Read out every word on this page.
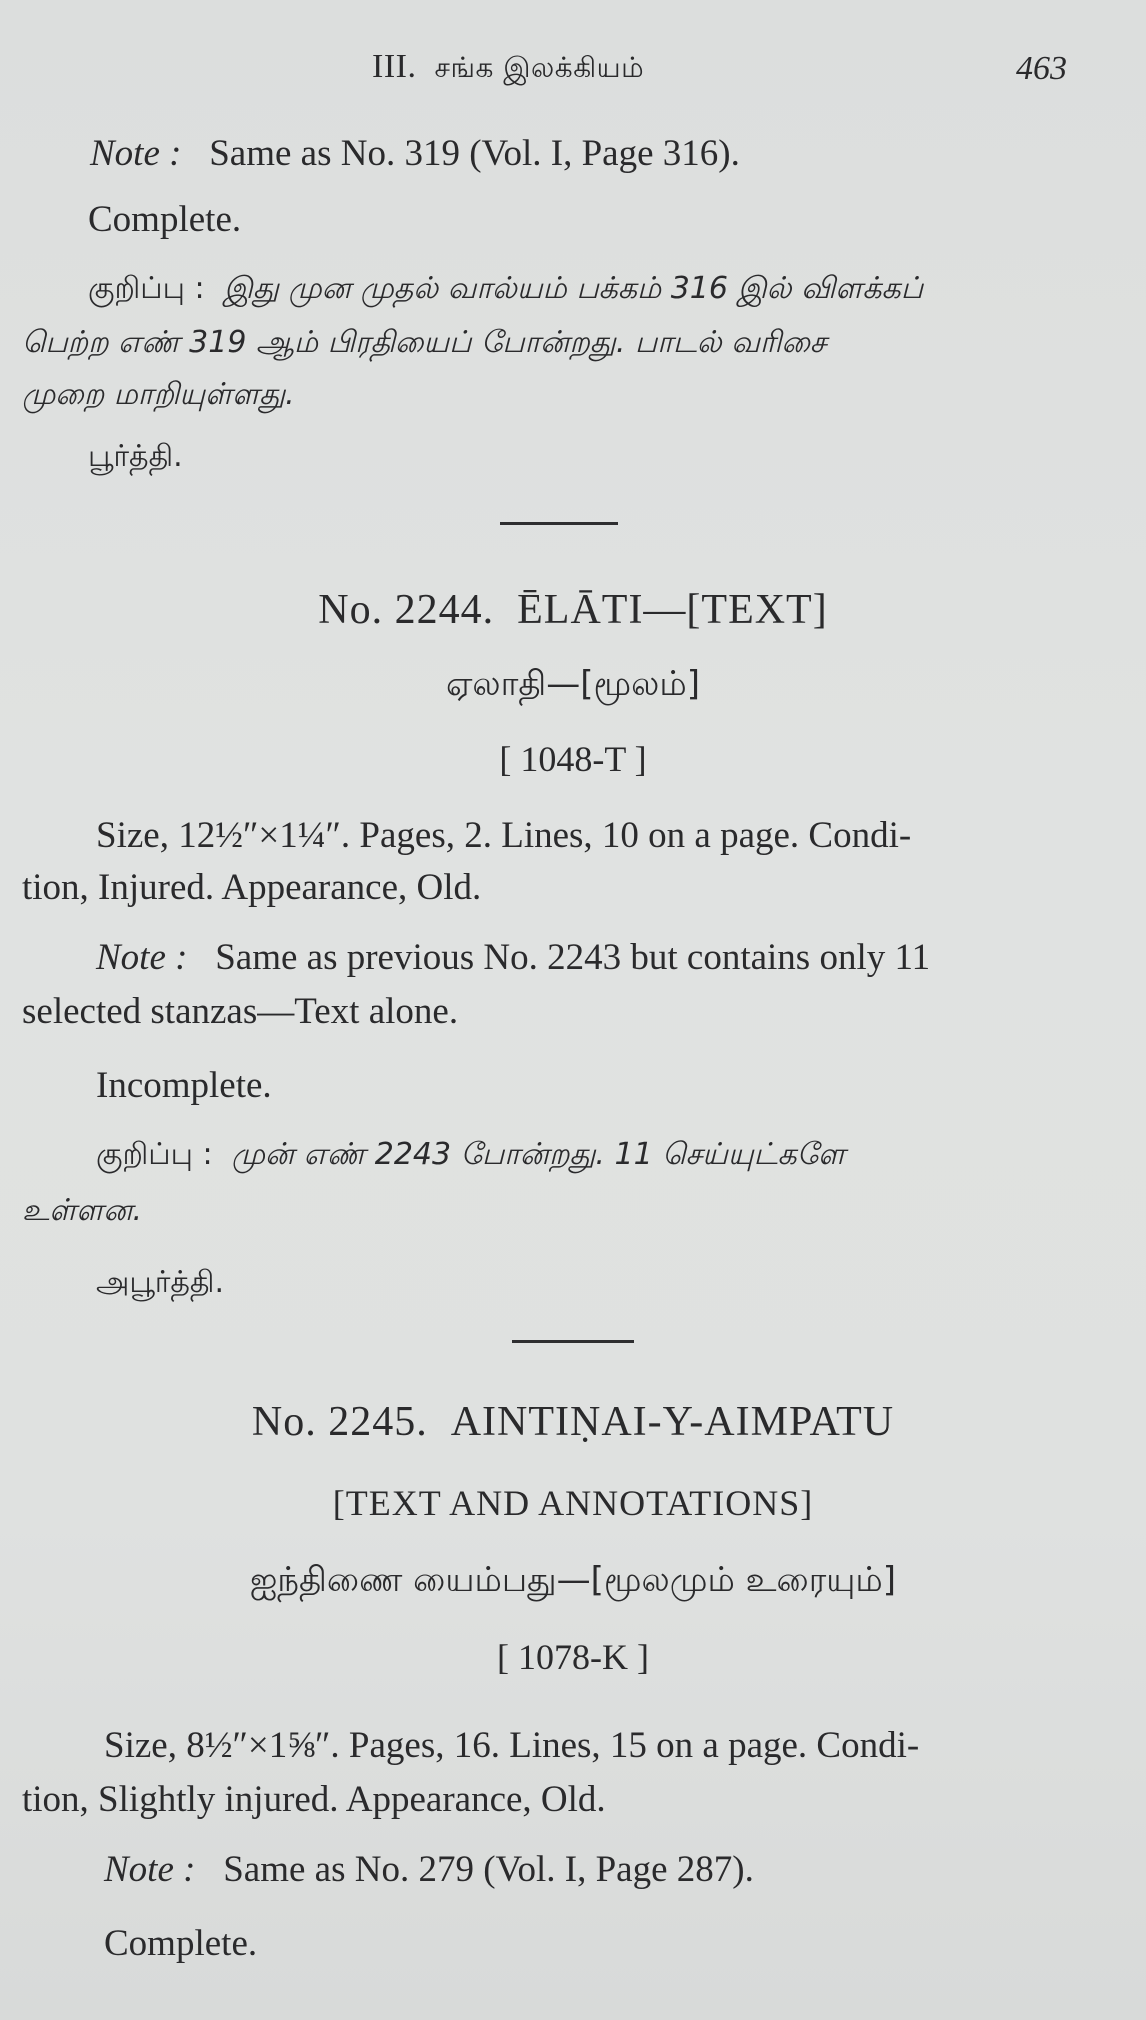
III. சங்க இலக்கியம்	463
Note : Same as No. 319 (Vol. I, Page 316).
Complete.
குறிப்பு : இது முன முதல் வால்யம் பக்கம் 316 இல் விளக்கப்
பெற்ற எண் 319 ஆம் பிரதியைப் போன்றது. பாடல் வரிசை
முறை மாறியுள்ளது.
பூர்த்தி.
No. 2244. ĒLĀTI—[TEXT]
ஏலாதி—[மூலம்]
[ 1048-T ]
Size, 12½″×1¼″. Pages, 2. Lines, 10 on a page. Condi-
tion, Injured. Appearance, Old.
Note : Same as previous No. 2243 but contains only 11
selected stanzas—Text alone.
Incomplete.
குறிப்பு : முன் எண் 2243 போன்றது. 11 செய்யுட்களே
உள்ளன.
அபூர்த்தி.
No. 2245. AINTIṆAI-Y-AIMPATU
[TEXT AND ANNOTATIONS]
ஐந்திணை யைம்பது—[மூலமும் உரையும்]
[ 1078-K ]
Size, 8½″×1⅝″. Pages, 16. Lines, 15 on a page. Condi-
tion, Slightly injured. Appearance, Old.
Note : Same as No. 279 (Vol. I, Page 287).
Complete.
